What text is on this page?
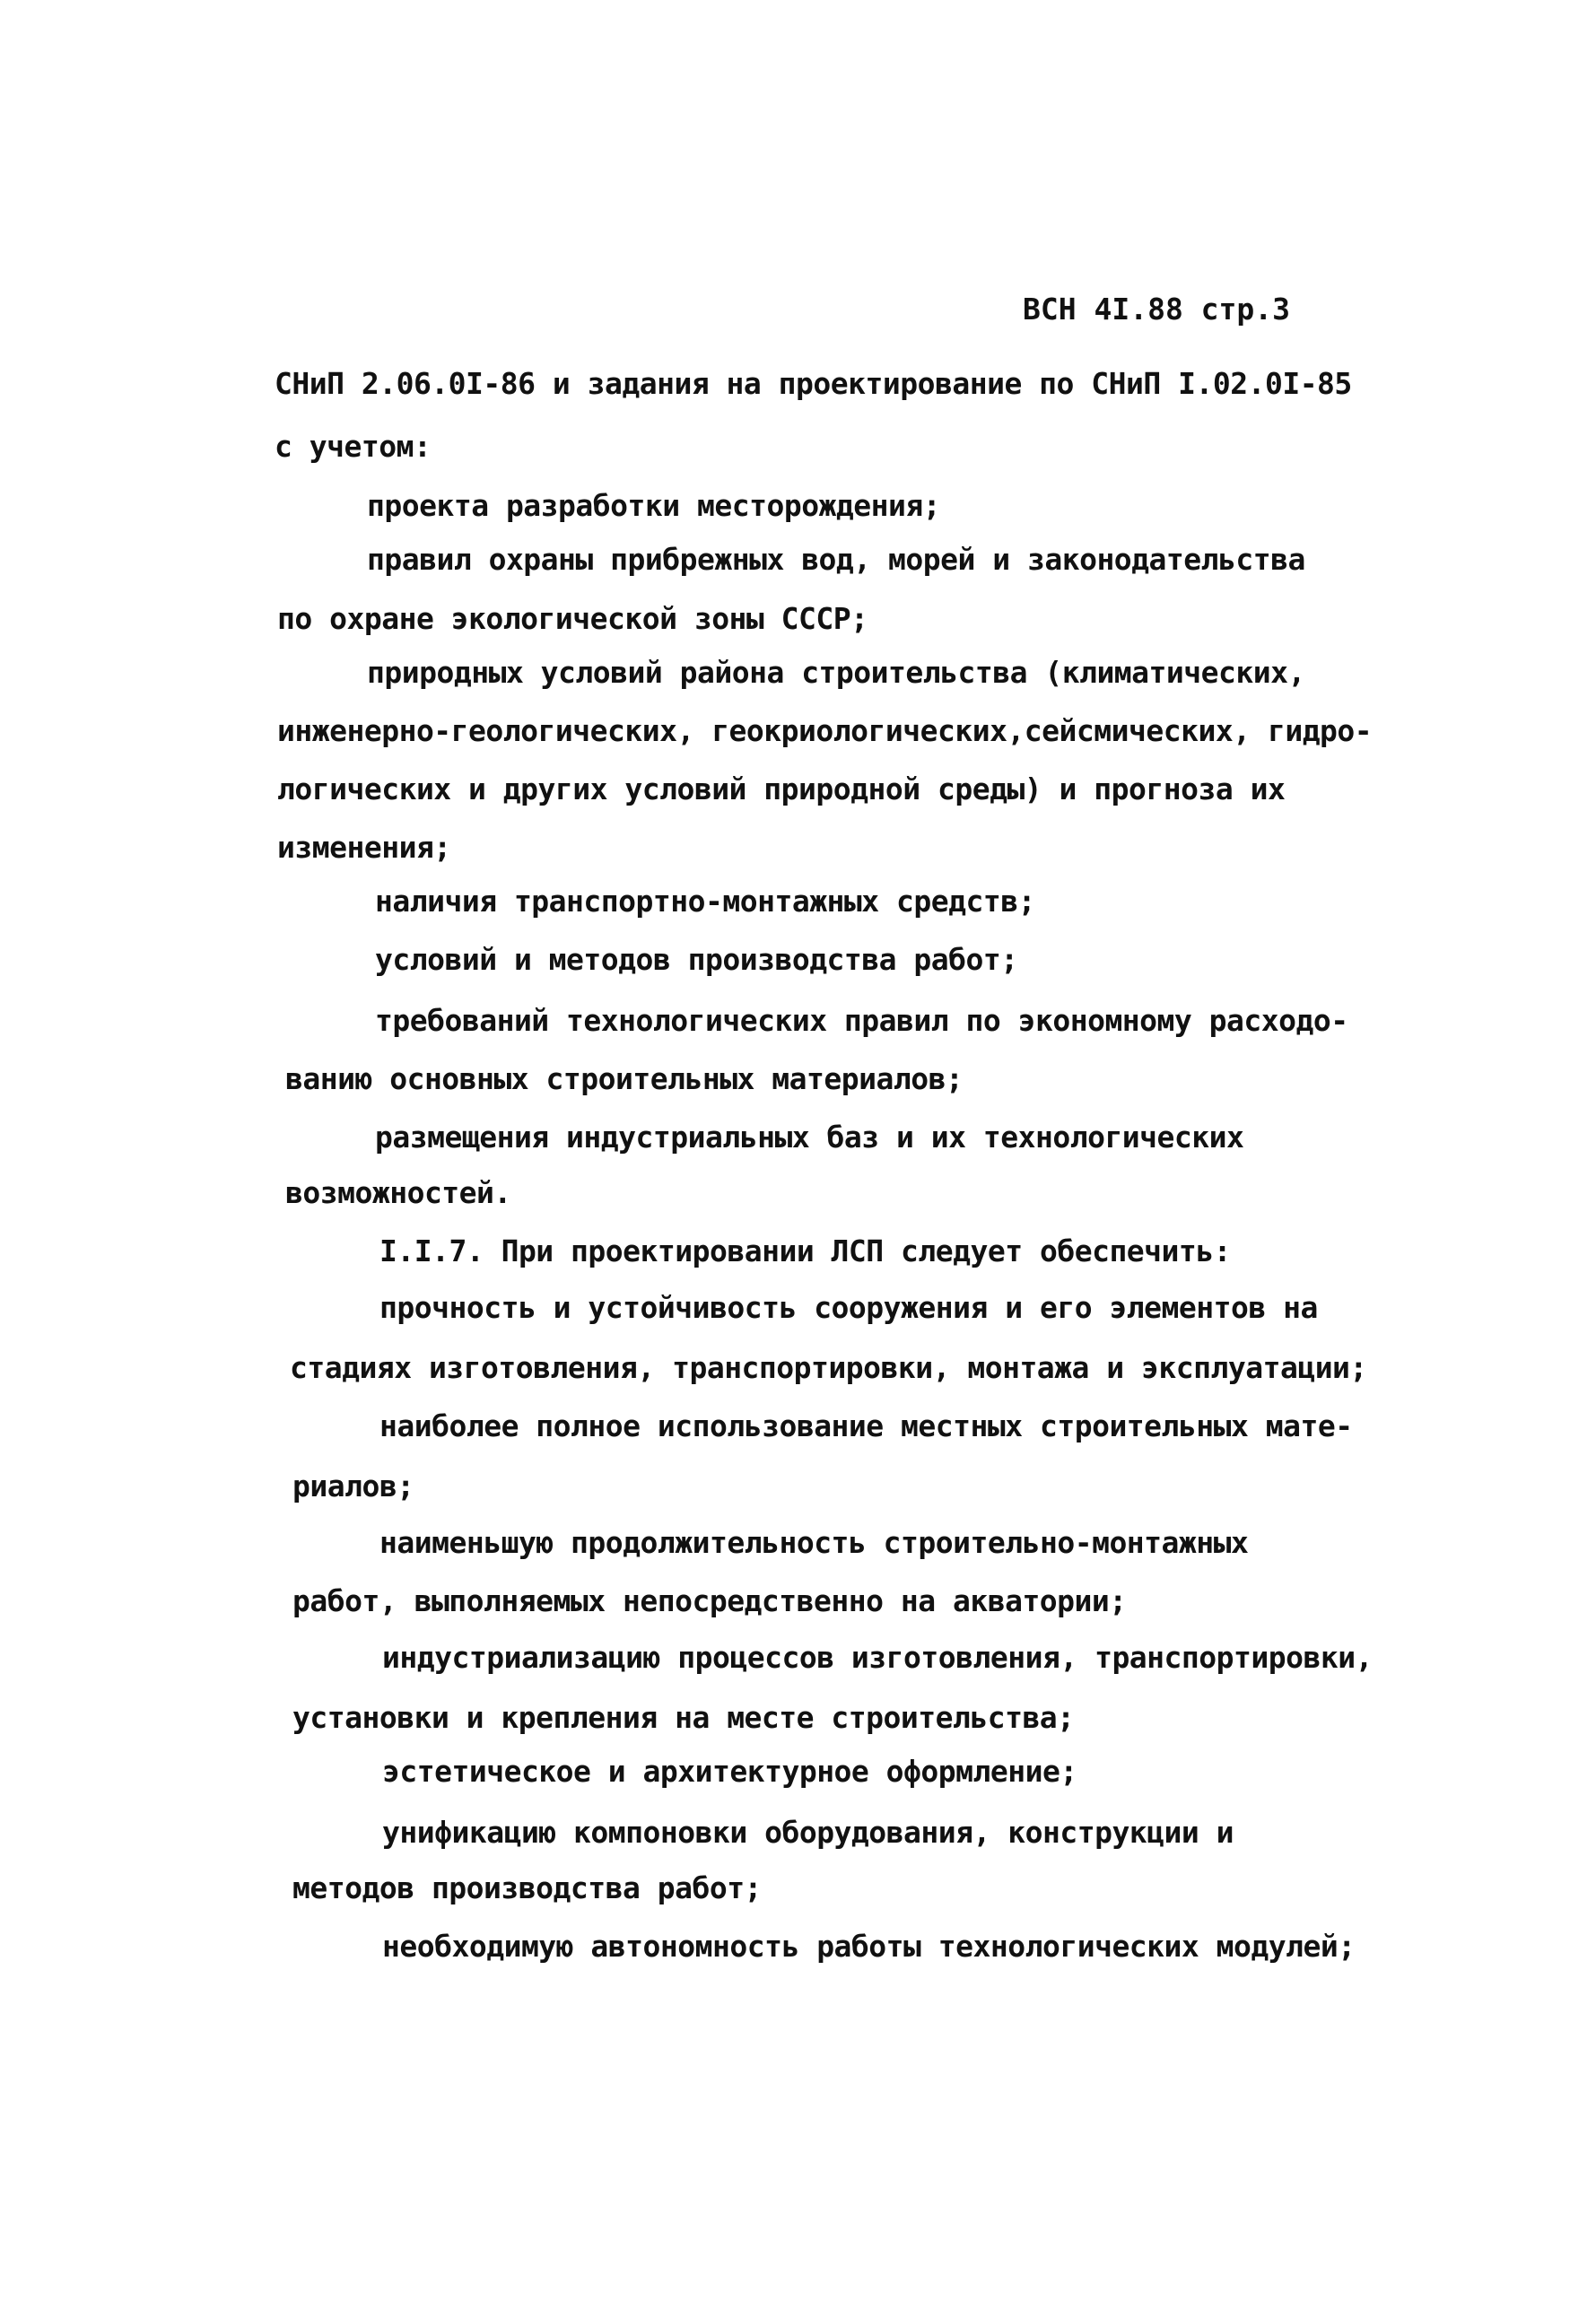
ВСН 4I.88 стр.3
СНиП 2.06.0I-86 и задания на проектирование по СНиП I.02.0I-85
с учетом:
проекта разработки месторождения;
правил охраны прибрежных вод, морей и законодательства
по охране экологической зоны СССР;
природных условий района строительства (климатических,
инженерно-геологических, геокриологических,сейсмических, гидро-
логических и других условий природной среды) и прогноза их
изменения;
наличия транспортно-монтажных средств;
условий и методов производства работ;
требований технологических правил по экономному расходо-
ванию основных строительных материалов;
размещения индустриальных баз и их технологических
возможностей.
I.I.7. При проектировании ЛСП следует обеспечить:
прочность и устойчивость сооружения и его элементов на
стадиях изготовления, транспортировки, монтажа и эксплуатации;
наиболее полное использование местных строительных мате-
риалов;
наименьшую продолжительность строительно-монтажных
работ, выполняемых непосредственно на акватории;
индустриализацию процессов изготовления, транспортировки,
установки и крепления на месте строительства;
эстетическое и архитектурное оформление;
унификацию компоновки оборудования, конструкции и
методов производства работ;
необходимую автономность работы технологических модулей;
